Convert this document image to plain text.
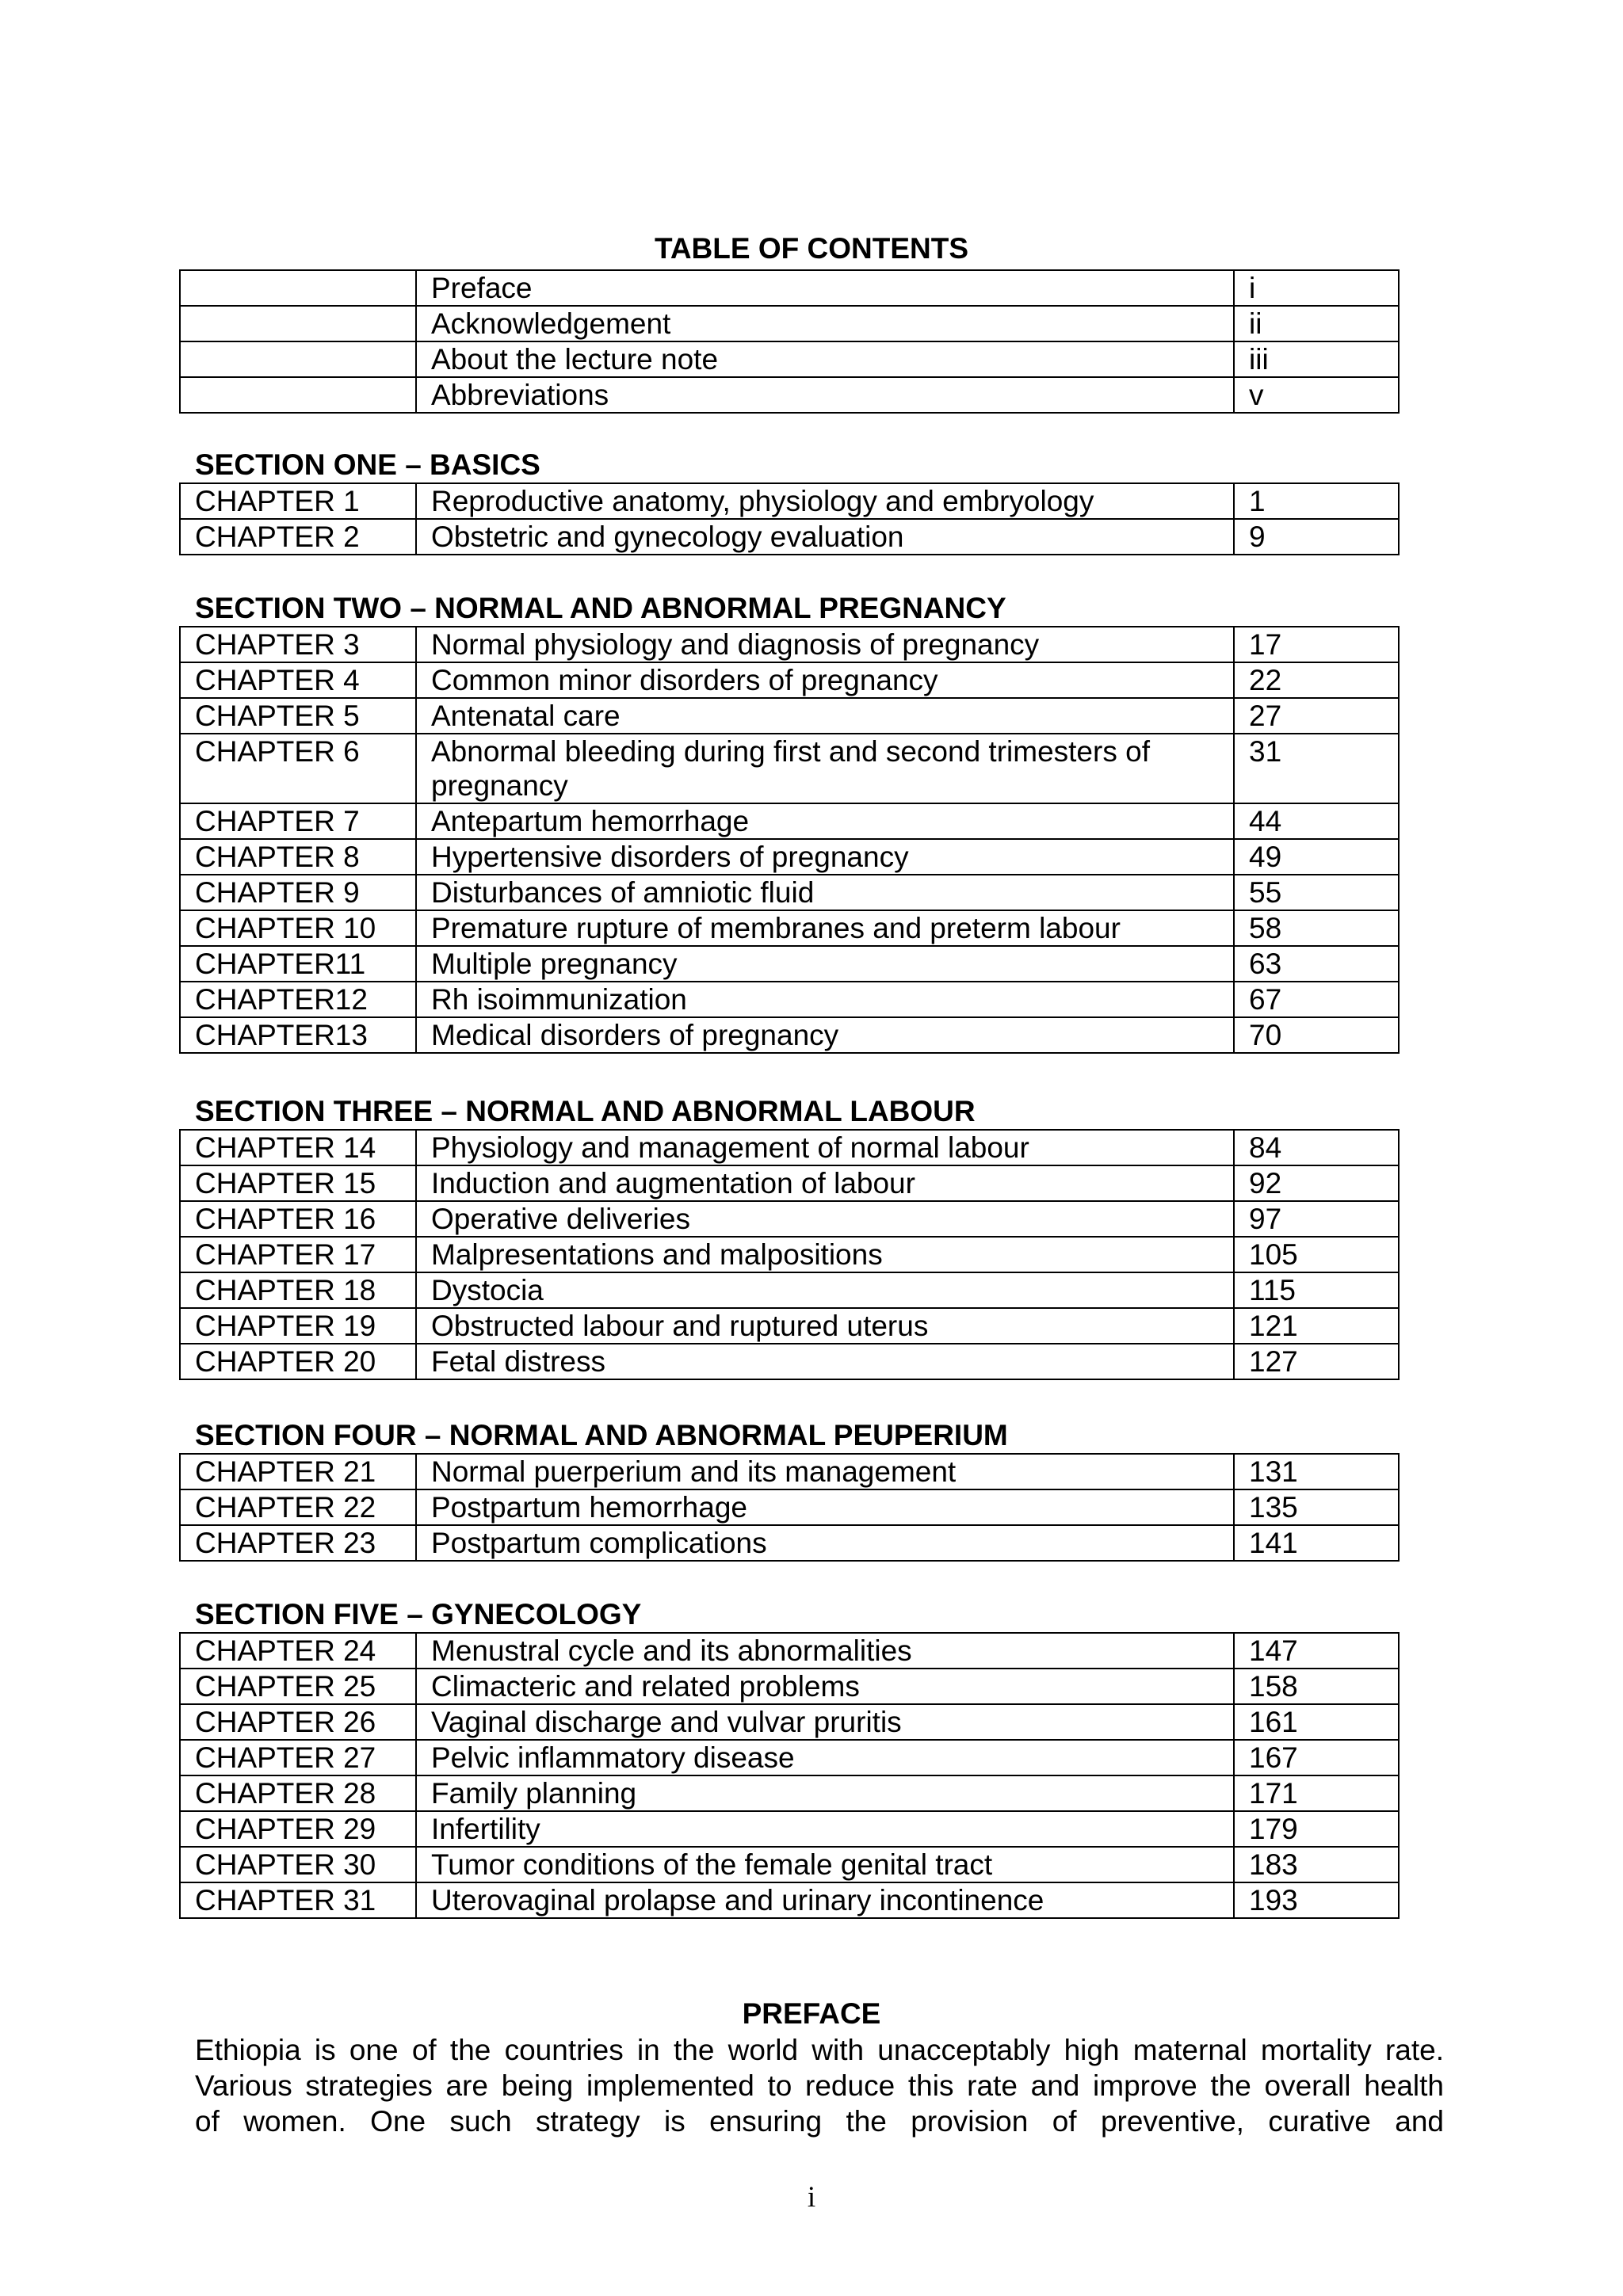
TABLE OF CONTENTS
	Preface	i
	Acknowledgement	ii
	About the lecture note	iii
	Abbreviations	v
SECTION ONE – BASICS
CHAPTER 1	Reproductive anatomy, physiology and embryology	1
CHAPTER 2	Obstetric and gynecology evaluation	9
SECTION TWO – NORMAL AND ABNORMAL PREGNANCY
CHAPTER 3	Normal physiology and diagnosis of pregnancy	17
CHAPTER 4	Common minor disorders of pregnancy	22
CHAPTER 5	Antenatal care	27
CHAPTER 6	Abnormal bleeding during first and second trimesters of pregnancy	31
CHAPTER 7	Antepartum hemorrhage	44
CHAPTER 8	Hypertensive disorders of pregnancy	49
CHAPTER 9	Disturbances of amniotic fluid	55
CHAPTER 10	Premature rupture of membranes and preterm labour	58
CHAPTER11	Multiple pregnancy	63
CHAPTER12	Rh isoimmunization	67
CHAPTER13	Medical disorders of pregnancy	70
SECTION THREE – NORMAL AND ABNORMAL LABOUR
CHAPTER 14	Physiology and management of normal labour	84
CHAPTER 15	Induction and augmentation of labour	92
CHAPTER 16	Operative deliveries	97
CHAPTER 17	Malpresentations and malpositions	105
CHAPTER 18	Dystocia	115
CHAPTER 19	Obstructed labour and ruptured uterus	121
CHAPTER 20	Fetal distress	127
SECTION FOUR – NORMAL AND ABNORMAL PEUPERIUM
CHAPTER 21	Normal puerperium and its management	131
CHAPTER 22	Postpartum hemorrhage	135
CHAPTER 23	Postpartum complications	141
SECTION FIVE – GYNECOLOGY
CHAPTER 24	Menustral cycle and its abnormalities	147
CHAPTER 25	Climacteric and related problems	158
CHAPTER 26	Vaginal discharge and vulvar pruritis	161
CHAPTER 27	Pelvic inflammatory disease	167
CHAPTER 28	Family planning	171
CHAPTER 29	Infertility	179
CHAPTER 30	Tumor conditions of the female genital tract	183
CHAPTER 31	Uterovaginal prolapse and urinary incontinence	193
PREFACE
Ethiopia is one of the countries in the world with unacceptably high maternal mortality rate.
Various strategies are being implemented to reduce this rate and improve the overall health
of women. One such strategy is ensuring the provision of preventive, curative and
i
